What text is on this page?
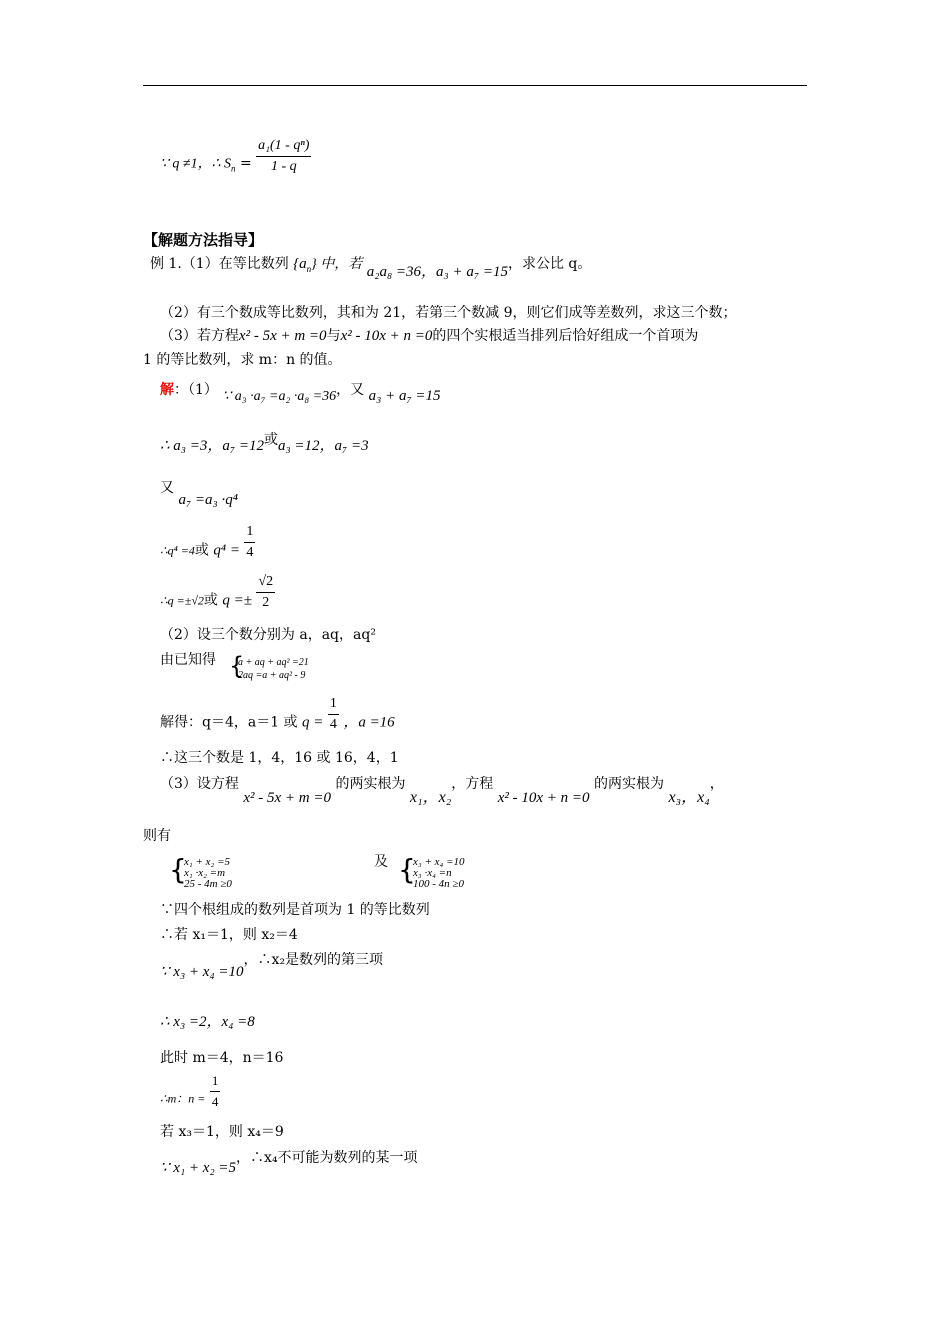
∵ q ≠1，∴ $S_n = \frac{\text{a₁(1 - qⁿ)}}{1 - q}$
【解题方法指导】
例 1.（1）在等比数列 $\{a_n\}$ 中，若 a₂a₈ =36，a₃ + a₇ =15，求公比 q。
（2）有三个数成等比数列，其和为 21，若第三个数减 9，则它们成等差数列，求这三个数；
（3）若方程x² - 5x + m =0与x² - 10x + n =0的四个实根适当排列后恰好组成一个首项为
1 的等比数列，求 m：n 的值。
解：（1） ∵ a₃ ·a₇ =a₂ ·a₈ =36，又 a₃ + a₇ =15
∴ a₃ =3，a₇ =12或a₃ =12，a₇ =3
又 a₇ =a₃ ·q⁴
∴q⁴ =4或 $q^4 = \frac{1}{4}$
∴q =±√2或 $q =\pm \frac{√2}{2}$
（2）设三个数分别为 a，aq，aq²
由已知得 {
a + aq + aq² =21
2aq =a + aq² - 9
解得：q＝4，a＝1 或 $q = \frac{1}{4}$ ，a =16
∴这三个数是 1，4，16 或 16，4，1
（3）设方程 x² - 5x + m =0 的两实根为 x₁，x₂，方程 x² - 10x + n =0 的两实根为 x₃，x₄，
则有
{
x₁ + x₂ =5
x₁ ·x₂ =m
25 - 4m ≥0
及 {
x₃ + x₄ =10
x₃ ·x₄ =n
100 - 4n ≥0
∵四个根组成的数列是首项为 1 的等比数列
∴若 x₁＝1，则 x₂＝4
∵ x₃ + x₄ =10，∴x₂是数列的第三项
∴ x₃ =2，x₄ =8
此时 m＝4，n＝16
∴m：$n = \frac{1}{4}$
若 x₃＝1，则 x₄＝9
∵ x₁ + x₂ =5，∴x₄不可能为数列的某一项
